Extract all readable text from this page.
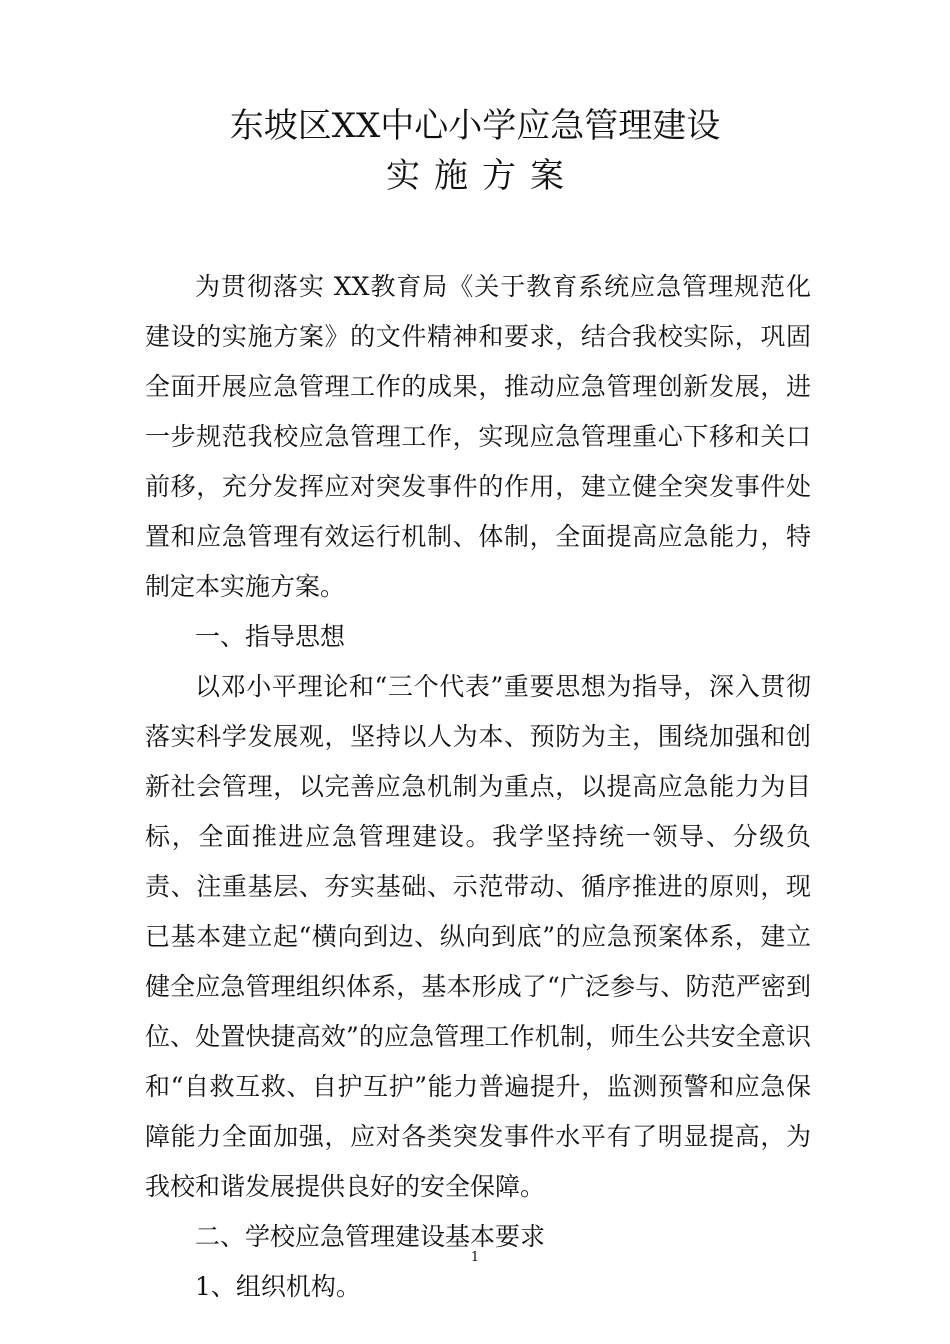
东坡区XX中心小学应急管理建设
实施方案

为贯彻落实 XX教育局《关于教育系统应急管理规范化建设的实施方案》的文件精神和要求，结合我校实际，巩固全面开展应急管理工作的成果，推动应急管理创新发展，进一步规范我校应急管理工作，实现应急管理重心下移和关口前移，充分发挥应对突发事件的作用，建立健全突发事件处置和应急管理有效运行机制、体制，全面提高应急能力，特制定本实施方案。

一、指导思想

以邓小平理论和“三个代表”重要思想为指导，深入贯彻落实科学发展观，坚持以人为本、预防为主，围绕加强和创新社会管理，以完善应急机制为重点，以提高应急能力为目标，全面推进应急管理建设。我学坚持统一领导、分级负责、注重基层、夯实基础、示范带动、循序推进的原则，现已基本建立起“横向到边、纵向到底”的应急预案体系，建立健全应急管理组织体系，基本形成了“广泛参与、防范严密到位、处置快捷高效”的应急管理工作机制，师生公共安全意识和“自救互救、自护互护”能力普遍提升，监测预警和应急保障能力全面加强，应对各类突发事件水平有了明显提高，为我校和谐发展提供良好的安全保障。

二、学校应急管理建设基本要求

1、组织机构。

1
